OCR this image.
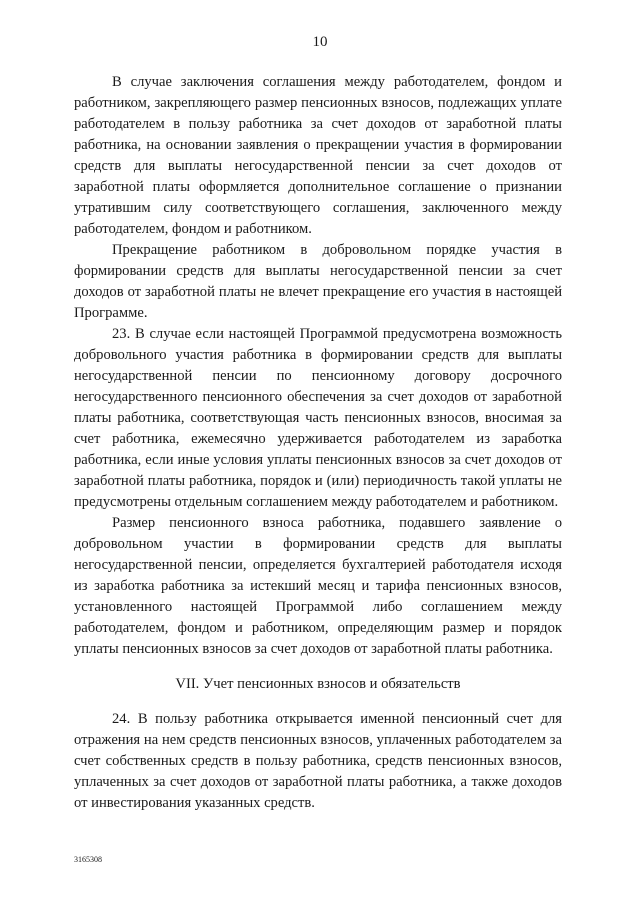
10

В случае заключения соглашения между работодателем, фондом и работником, закрепляющего размер пенсионных взносов, подлежащих уплате работодателем в пользу работника за счет доходов от заработной платы работника, на основании заявления о прекращении участия в формировании средств для выплаты негосударственной пенсии за счет доходов от заработной платы оформляется дополнительное соглашение о признании утратившим силу соответствующего соглашения, заключенного между работодателем, фондом и работником.

Прекращение работником в добровольном порядке участия в формировании средств для выплаты негосударственной пенсии за счет доходов от заработной платы не влечет прекращение его участия в настоящей Программе.

23. В случае если настоящей Программой предусмотрена возможность добровольного участия работника в формировании средств для выплаты негосударственной пенсии по пенсионному договору досрочного негосударственного пенсионного обеспечения за счет доходов от заработной платы работника, соответствующая часть пенсионных взносов, вносимая за счет работника, ежемесячно удерживается работодателем из заработка работника, если иные условия уплаты пенсионных взносов за счет доходов от заработной платы работника, порядок и (или) периодичность такой уплаты не предусмотрены отдельным соглашением между работодателем и работником.

Размер пенсионного взноса работника, подавшего заявление о добровольном участии в формировании средств для выплаты негосударственной пенсии, определяется бухгалтерией работодателя исходя из заработка работника за истекший месяц и тарифа пенсионных взносов, установленного настоящей Программой либо соглашением между работодателем, фондом и работником, определяющим размер и порядок уплаты пенсионных взносов за счет доходов от заработной платы работника.

VII. Учет пенсионных взносов и обязательств

24. В пользу работника открывается именной пенсионный счет для отражения на нем средств пенсионных взносов, уплаченных работодателем за счет собственных средств в пользу работника, средств пенсионных взносов, уплаченных за счет доходов от заработной платы работника, а также доходов от инвестирования указанных средств.

3165308
